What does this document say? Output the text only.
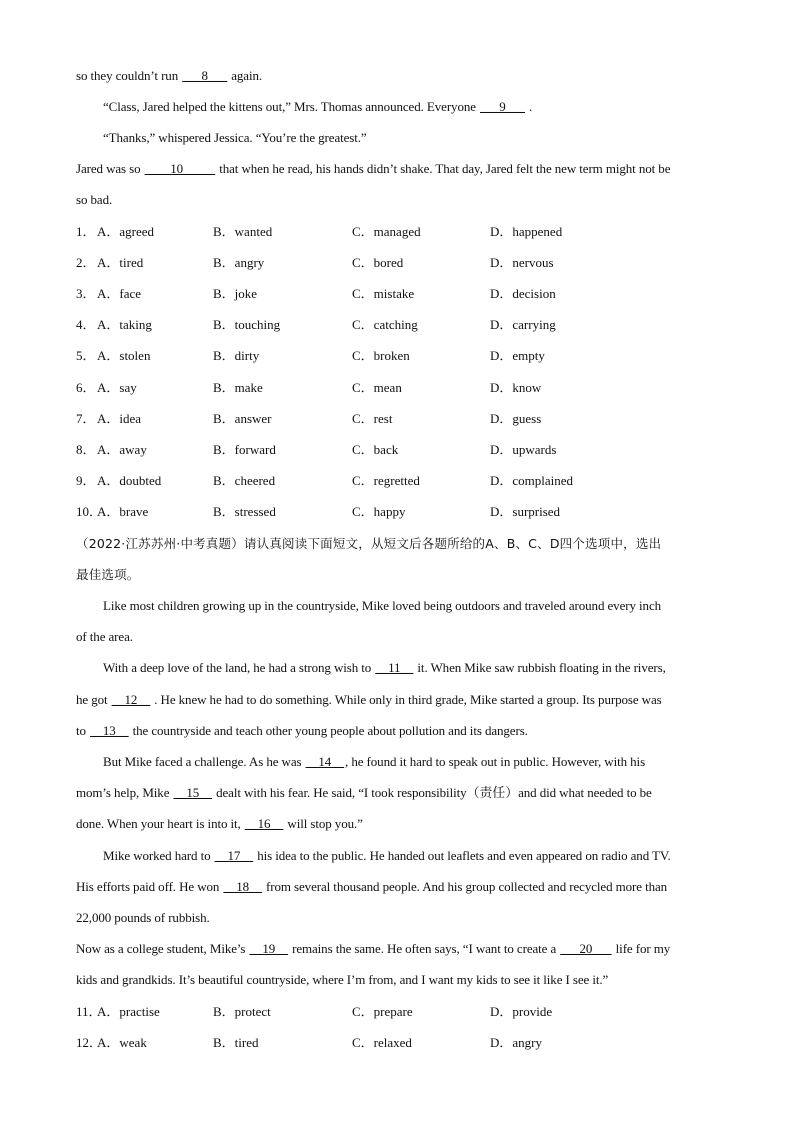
so they couldn’t run ___8___ again.
“Class, Jared helped the kittens out,” Mrs. Thomas announced. Everyone ___9___ .
“Thanks,” whispered Jessica. “You’re the greatest.”
Jared was so ____10_____ that when he read, his hands didn’t shake. That day, Jared felt the new term might not be
so bad.
1． A．agreed	B．wanted	C．managed	D．happened
2． A．tired	B．angry	C．bored	D．nervous
3． A．face	B．joke	C．mistake	D．decision
4． A．taking	B．touching	C．catching	D．carrying
5． A．stolen	B．dirty	C．broken	D．empty
6． A．say	B．make	C．mean	D．know
7． A．idea	B．answer	C．rest	D．guess
8． A．away	B．forward	C．back	D．upwards
9． A．doubted	B．cheered	C．regretted	D．complained
10．
A．brave	B．stressed	C．happy	D．surprised
（2022·江苏苏州·中考真题）请认真阅读下面短文，从短文后各题所给的A、B、C、D四个选项中，选出
最佳选项。
Like most children growing up in the countryside, Mike loved being outdoors and traveled around every inch
of the area.
With a deep love of the land, he had a strong wish to __11__ it. When Mike saw rubbish floating in the rivers,
he got __12__ . He knew he had to do something. While only in third grade, Mike started a group. Its purpose was
to __13__ the countryside and teach other young people about pollution and its dangers.
But Mike faced a challenge. As he was __14__, he found it hard to speak out in public. However, with his
mom’s help, Mike __15__ dealt with his fear. He said, “I took responsibility（责任）and did what needed to be
done. When your heart is into it, __16__ will stop you.”
Mike worked hard to __17__ his idea to the public. He handed out leaflets and even appeared on radio and TV.
His efforts paid off. He won __18__ from several thousand people. And his group collected and recycled more than
22,000 pounds of rubbish.
Now as a college student, Mike’s __19__ remains the same. He often says, “I want to create a ___20___ life for my
kids and grandkids. It’s beautiful countryside, where I’m from, and I want my kids to see it like I see it.”
11．
A．practise	B．protect	C．prepare	D．provide
12．
A．weak	B．tired	C．relaxed	D．angry
